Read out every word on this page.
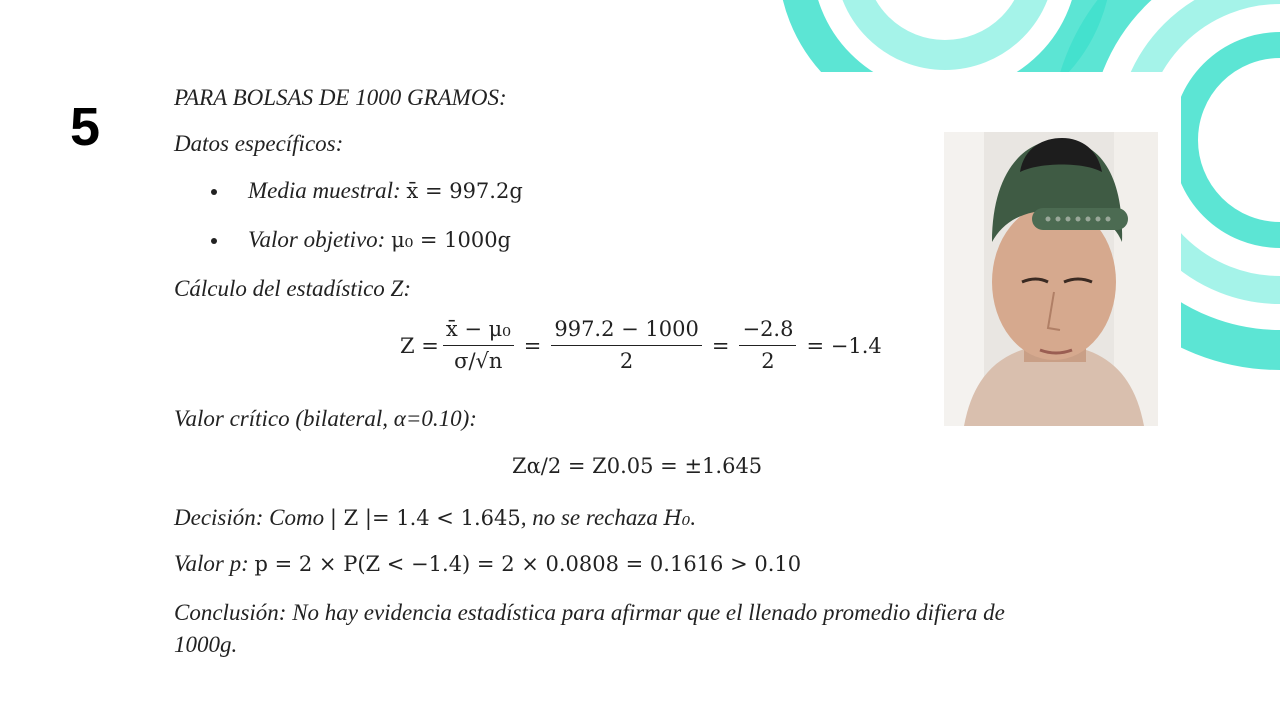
5	PARA BOLSAS DE 1000 GRAMOS:
Datos específicos:
Media muestral: x̄ = 997.2g
Valor objetivo: μ₀ = 1000g
Cálculo del estadístico Z:
$Z = \frac{\text{x̄ − μ₀}}{\sigma/√n} = \frac{997.2 - 1000}{2} = \frac{-2.8}{2} = -1.4$
Valor crítico (bilateral, α=0.10):
Zα/2 = Z0.05 = ±1.645
Decisión: Como | Z |= 1.4 < 1.645, no se rechaza H₀.
Valor p: p = 2 × P(Z < −1.4) = 2 × 0.0808 = 0.1616 > 0.10
Conclusión: No hay evidencia estadística para afirmar que el llenado promedio difiera de
1000g.
